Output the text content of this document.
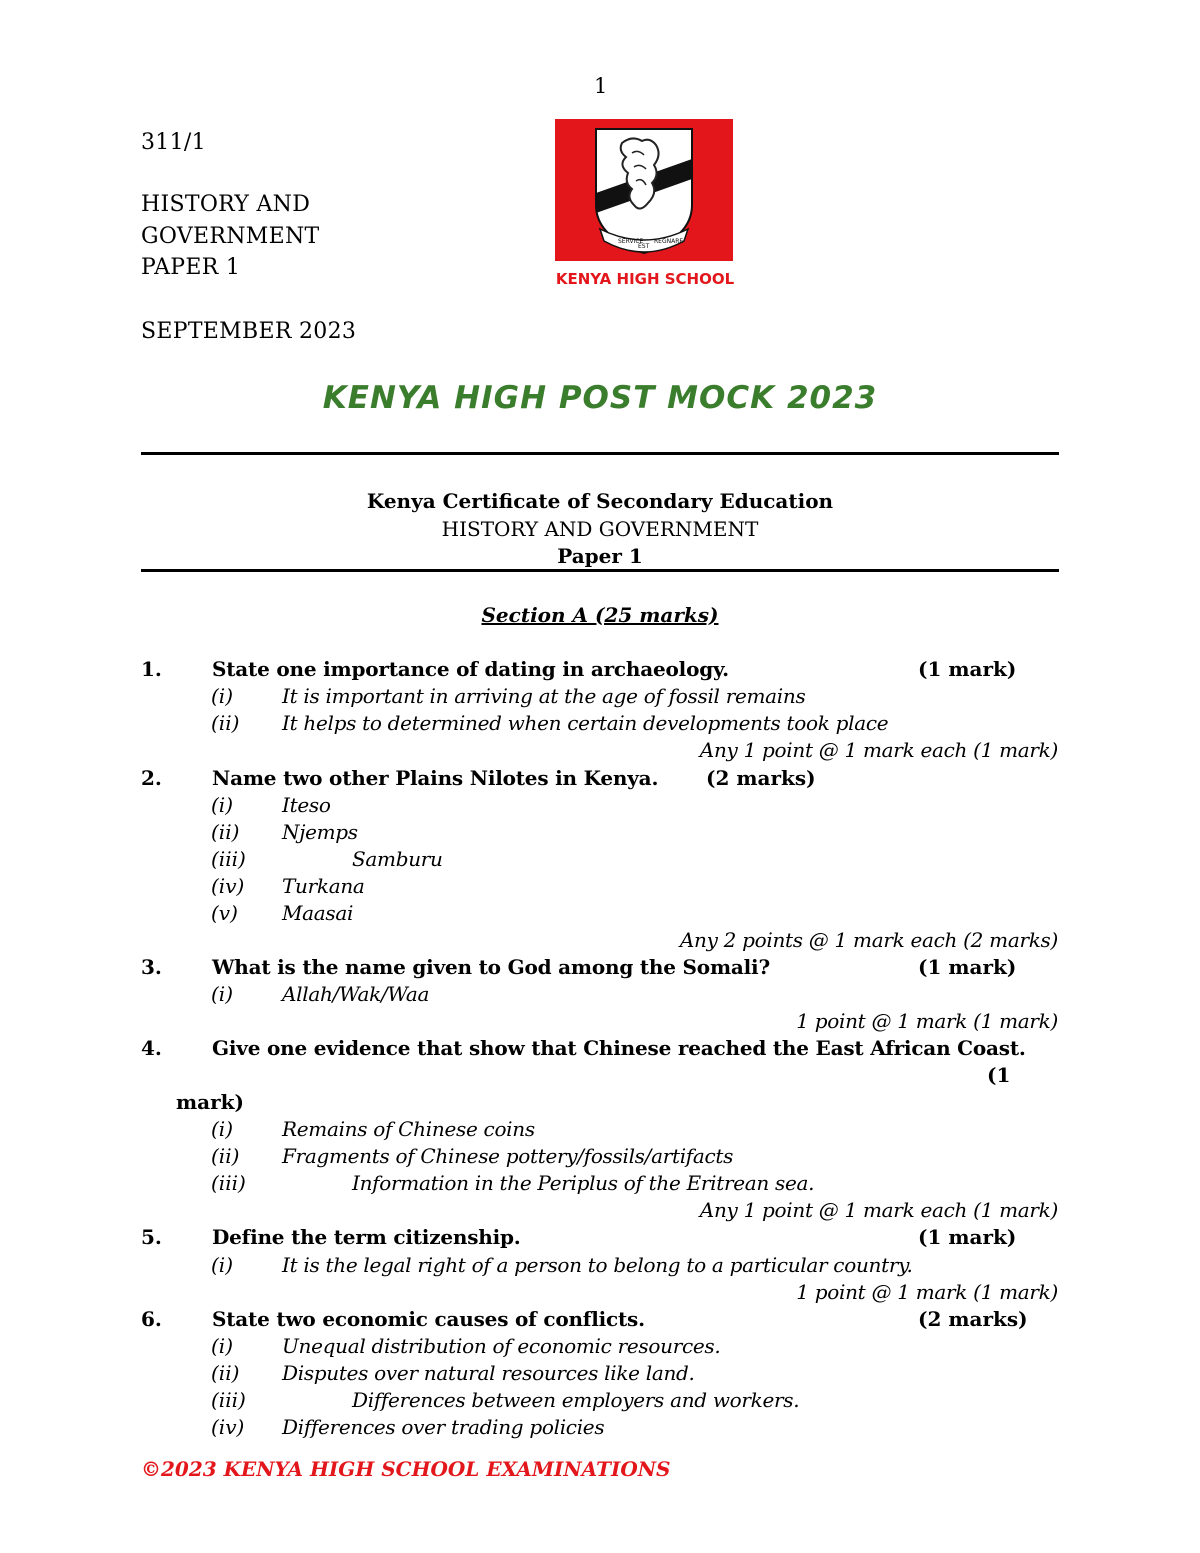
1
311/1
HISTORY AND
GOVERNMENT
PAPER 1
SEPTEMBER 2023
SERVICE
EST
REGNARE
KENYA HIGH SCHOOL
KENYA HIGH POST MOCK 2023
Kenya Certificate of Secondary Education
HISTORY AND GOVERNMENT
Paper 1
Section A (25 marks)
1.	State one importance of dating in archaeology.	(1 mark)
(i) It is important in arriving at the age of fossil remains
(ii) It helps to determined when certain developments took place
Any 1 point @ 1 mark each (1 mark)
2.	Name two other Plains Nilotes in Kenya. (2 marks)
(i) Iteso
(ii) Njemps
(iii)	Samburu
(iv) Turkana
(v) Maasai
Any 2 points @ 1 mark each (2 marks)
3.	What is the name given to God among the Somali?	(1 mark)
(i) Allah/Wak/Waa
1 point @ 1 mark (1 mark)
4.	Give one evidence that show that Chinese reached the East African Coast.
(1
mark)
(i) Remains of Chinese coins
(ii) Fragments of Chinese pottery/fossils/artifacts
(iii)	Information in the Periplus of the Eritrean sea.
Any 1 point @ 1 mark each (1 mark)
5.	Define the term citizenship.	(1 mark)
(i) It is the legal right of a person to belong to a particular country.
1 point @ 1 mark (1 mark)
6.	State two economic causes of conflicts.	(2 marks)
(i) Unequal distribution of economic resources.
(ii) Disputes over natural resources like land.
(iii)	Differences between employers and workers.
(iv) Differences over trading policies
©2023 KENYA HIGH SCHOOL EXAMINATIONS
